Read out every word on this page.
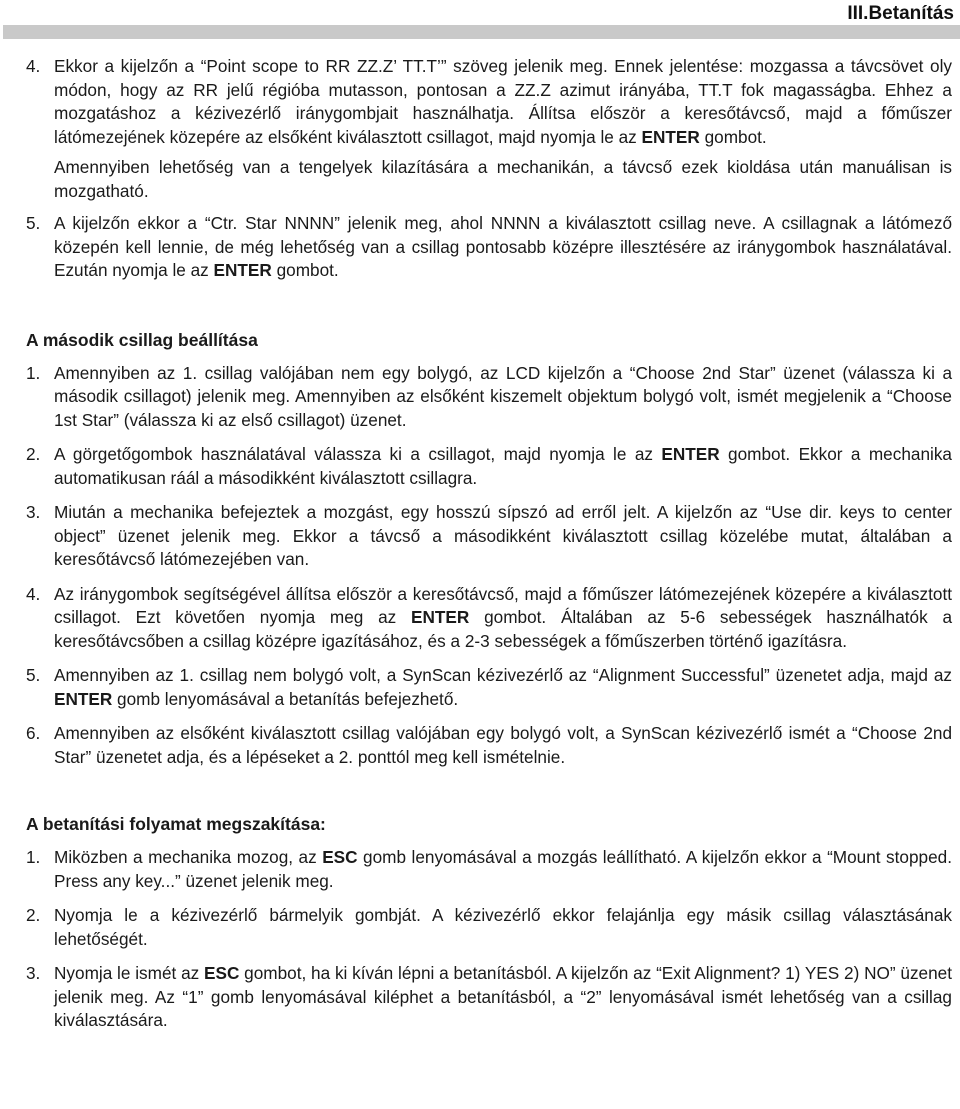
III.Betanítás
4. Ekkor a kijelzőn a “Point scope to RR ZZ.Z’ TT.T’” szöveg jelenik meg. Ennek jelentése: mozgassa a távcsövet oly módon, hogy az RR jelű régióba mutasson, pontosan a ZZ.Z azimut irányába, TT.T fok magasságba. Ehhez a mozgatáshoz a kézivezérlő iránygombjait használhatja. Állítsa először a keresőtávcső, majd a főműszer látómezejének közepére az elsőként kiválasztott csillagot, majd nyomja le az ENTER gombot.

Amennyiben lehetőség van a tengelyek kilazítására a mechanikán, a távcső ezek kioldása után manuálisan is mozgatható.

5. A kijelzőn ekkor a “Ctr. Star NNNN” jelenik meg, ahol NNNN a kiválasztott csillag neve. A csillagnak a látómező közepén kell lennie, de még lehetőség van a csillag pontosabb középre illesztésére az iránygombok használatával. Ezután nyomja le az ENTER gombot.
A második csillag beállítása
1. Amennyiben az 1. csillag valójában nem egy bolygó, az LCD kijelzőn a “Choose 2nd Star” üzenet (válassza ki a második csillagot) jelenik meg. Amennyiben az elsőként kiszemelt objektum bolygó volt, ismét megjelenik a “Choose 1st Star” (válassza ki az első csillagot) üzenet.
2. A görgetőgombok használatával válassza ki a csillagot, majd nyomja le az ENTER gombot. Ekkor a mechanika automatikusan ráál a másodikként kiválasztott csillagra.
3. Miután a mechanika befejeztek a mozgást, egy hosszú sípszó ad erről jelt. A kijelzőn az “Use dir. keys to center object” üzenet jelenik meg. Ekkor a távcső a másodikként kiválasztott csillag közelébe mutat, általában a keresőtávcső látómezejében van.
4. Az iránygombok segítségével állítsa először a keresőtávcső, majd a főműszer látómezejének közepére a kiválasztott csillagot. Ezt követően nyomja meg az ENTER gombot. Általában az 5-6 sebességek használhatók a keresőtávcsőben a csillag középre igazításához, és a 2-3 sebességek a főműszerben történő igazításra.
5. Amennyiben az 1. csillag nem bolygó volt, a SynScan kézivezérlő az “Alignment Successful” üzenetet adja, majd az ENTER gomb lenyomásával a betanítás befejezhető.
6. Amennyiben az elsőként kiválasztott csillag valójában egy bolygó volt, a SynScan kézivezérlő ismét a “Choose 2nd Star” üzenetet adja, és a lépéseket a 2. ponttól meg kell ismételnie.
A betanítási folyamat megszakítása:
1. Miközben a mechanika mozog, az ESC gomb lenyomásával a mozgás leállítható. A kijelzőn ekkor a “Mount stopped. Press any key...” üzenet jelenik meg.
2. Nyomja le a kézivezérlő bármelyik gombját. A kézivezérlő ekkor felajánlja egy másik csillag választásának lehetőségét.
3. Nyomja le ismét az ESC gombot, ha ki kíván lépni a betanításból. A kijelzőn az “Exit Alignment? 1) YES 2) NO” üzenet jelenik meg. Az “1” gomb lenyomásával kiléphet a betanításból, a “2” lenyomásával ismét lehetőség van a csillag kiválasztására.
